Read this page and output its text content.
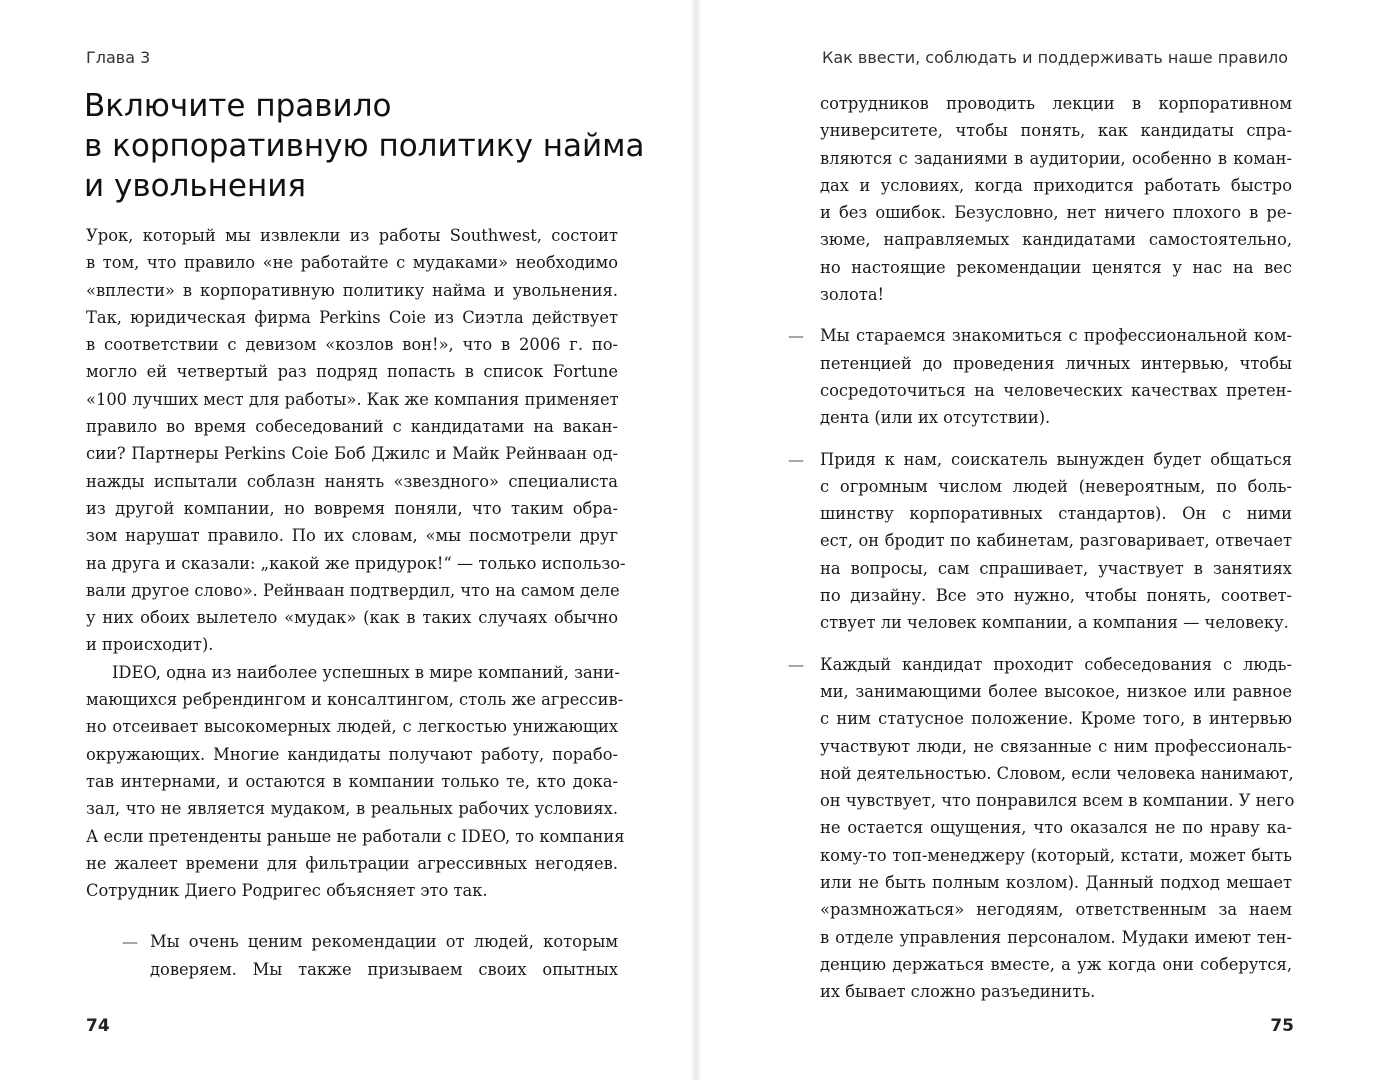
Глава 3
Включите правило
в корпоративную политику найма
и увольнения
Урок, который мы извлекли из работы Southwest, состоит
в том, что правило «не работайте с мудаками» необходимо
«вплести» в корпоративную политику найма и увольнения.
Так, юридическая фирма Perkins Coie из Сиэтла действует
в соответствии с девизом «козлов вон!», что в 2006 г. по-
могло ей четвертый раз подряд попасть в список Fortune
«100 лучших мест для работы». Как же компания применяет
правило во время собеседований с кандидатами на вакан-
сии? Партнеры Perkins Coie Боб Джилс и Майк Рейнваан од-
нажды испытали соблазн нанять «звездного» специалиста
из другой компании, но вовремя поняли, что таким обра-
зом нарушат правило. По их словам, «мы посмотрели друг
на друга и сказали: „какой же придурок!“ — только использо-
вали другое слово». Рейнваан подтвердил, что на самом деле
у них обоих вылетело «мудак» (как в таких случаях обычно
и происходит).
IDEO, одна из наиболее успешных в мире компаний, зани-
мающихся ребрендингом и консалтингом, столь же агрессив-
но отсеивает высокомерных людей, с легкостью унижающих
окружающих. Многие кандидаты получают работу, порабо-
тав интернами, и остаются в компании только те, кто дока-
зал, что не является мудаком, в реальных рабочих условиях.
А если претенденты раньше не работали с IDEO, то компания
не жалеет времени для фильтрации агрессивных негодяев.
Сотрудник Диего Родригес объясняет это так.
— Мы очень ценим рекомендации от людей, которым
доверяем. Мы также призываем своих опытных
74
Как ввести, соблюдать и поддерживать наше правило
сотрудников проводить лекции в корпоративном
университете, чтобы понять, как кандидаты спра-
вляются с заданиями в аудитории, особенно в коман-
дах и условиях, когда приходится работать быстро
и без ошибок. Безусловно, нет ничего плохого в ре-
зюме, направляемых кандидатами самостоятельно,
но настоящие рекомендации ценятся у нас на вес
золота!
— Мы стараемся знакомиться с профессиональной ком-
петенцией до проведения личных интервью, чтобы
сосредоточиться на человеческих качествах претен-
дента (или их отсутствии).
— Придя к нам, соискатель вынужден будет общаться
с огромным числом людей (невероятным, по боль-
шинству корпоративных стандартов). Он с ними
ест, он бродит по кабинетам, разговаривает, отвечает
на вопросы, сам спрашивает, участвует в занятиях
по дизайну. Все это нужно, чтобы понять, соответ-
ствует ли человек компании, а компания — человеку.
— Каждый кандидат проходит собеседования с людь-
ми, занимающими более высокое, низкое или равное
с ним статусное положение. Кроме того, в интервью
участвуют люди, не связанные с ним профессиональ-
ной деятельностью. Словом, если человека нанимают,
он чувствует, что понравился всем в компании. У него
не остается ощущения, что оказался не по нраву ка-
кому-то топ-менеджеру (который, кстати, может быть
или не быть полным козлом). Данный подход мешает
«размножаться» негодяям, ответственным за наем
в отделе управления персоналом. Мудаки имеют тен-
денцию держаться вместе, а уж когда они соберутся,
их бывает сложно разъединить.
75
